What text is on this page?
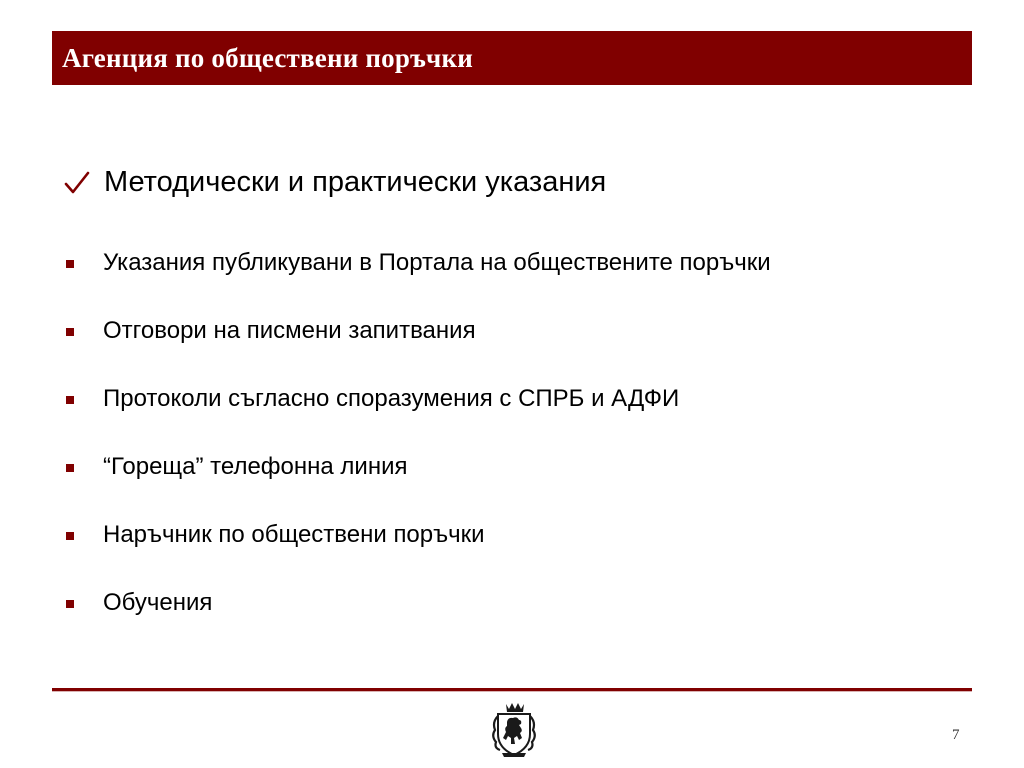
Агенция по обществени поръчки
Методически и практически указания
Указания публикувани в Портала на обществените поръчки
Отговори на писмени запитвания
Протоколи съгласно споразумения с СПРБ и АДФИ
“Гореща” телефонна линия
Наръчник по обществени поръчки
Обучения
7
